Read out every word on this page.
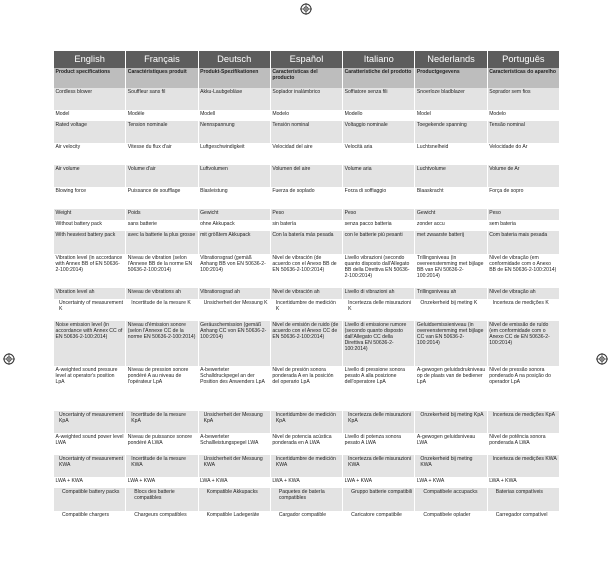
English	Français	Deutsch	Español	Italiano	Nederlands	Português
Product specifications	Caractéristiques produit	Produkt-Spezifikationen	Características del producto	Caratteristiche del prodotto	Productgegevens	Características do aparelho
Cordless blower	Souffleur sans fil	Akku-Laubgebläse	Soplador inalámbrico	Soffiatore senza fili	Snoerloze bladblazer	Soprador sem fios
Model	Modèle	Modell	Modelo	Modello	Model	Modelo
Rated voltage	Tension nominale	Nennspannung	Tensión nominal	Voltaggio nominale	Toegekende spanning	Tensão nominal
Air velocity	Vitesse du flux d'air	Luftgeschwindigkeit	Velocidad del aire	Velocità aria	Luchtsnelheid	Velocidade do Ar
Air volume	Volume d'air	Luftvolumen	Volumen del aire	Volume aria	Luchtvolume	Volume de Ar
Blowing force	Puissance de soufflage	Blasleistung	Fuerza de soplado	Forza di soffiaggio	Blaaskracht	Força de sopro
Weight	Poids	Gewicht	Peso	Peso	Gewicht	Peso
Without battery pack	sans batterie	ohne Akkupack	sin batería	senza pacco batteria	zonder accu	sem bateria
With heaviest battery pack	avec la batterie la plus grosse	mit größtem Akkupack	Con la batería más pesada	con le batterie più pesanti	met zwaarste batterij	Com bateria mais pesada
Vibration level (in accordance with Annex BB of EN 50636-2-100:2014)	Niveau de vibration (selon l'Annexe BB de la norme EN 50636-2-100:2014)	Vibrationsgrad (gemäß Anhang BB von EN 50636-2-100:2014)	Nivel de vibración (de acuerdo con el Anexo BB de EN 50636-2-100:2014)	Livello vibrazioni (secondo quanto disposto dall'Allegato BB della Direttiva EN 50636-2-100:2014)	Trillingsniveau (in overeenstemming met bijlage BB van EN 50636-2-100:2014)	Nível de vibração (em conformidade com o Anexo BB de EN 50636-2-100:2014)
Vibration level ah	Niveau de vibrations ah	Vibrationsgrad ah	Nivel de vibración ah	Livello di vibrazioni ah	Trillingsniveau ah	Nível de vibração ah
Uncertainty of measurement K	Incertitude de la mesure K	Unsicherheit der Messung K	Incertidumbre de medición K	Incertezza delle misurazioni K	Onzekerheid bij meting K	Incerteza de medições K
Noise emission level (in accordance with Annex CC of EN 50636-2-100:2014)	Niveau d'émission sonore (selon l'Annexe CC de la norme EN 50636-2-100:2014)	Geräuschemission (gemäß Anhang CC von EN 50636-2-100:2014)	Nivel de emisión de ruido (de acuerdo con el Anexo CC de EN 50636-2-100:2014)	Livello di emissione rumore (secondo quanto disposto dall'Allegato CC della Direttiva EN 50636-2-100:2014)	Geluidsemissieniveau (in overeenstemming met bijlage CC van EN 50636-2-100:2014)	Nível de emissão de ruído (em conformidade com o Anexo CC de EN 50636-2-100:2014)
A-weighted sound pressure level at operator's position LpA	Niveau de pression sonore pondéré A au niveau de l'opérateur LpA	A-bewerteter Schalldruckpegel an der Position des Anwenders LpA	Nivel de presión sonora ponderada A en la posición del operario LpA	Livello di pressione sonora pesato A alla posizione dell'operatore LpA	A-gewogen geluidsdrukniveau op de plaats van de bediener LpA	Nível de pressão sonora ponderado A na posição do operador LpA
Uncertainty of measurement KpA	Incertitude de la mesure KpA	Unsicherheit der Messung KpA	Incertidumbre de medición KpA	Incertezza delle misurazioni KpA	Onzekerheid bij meting KpA	Incerteza de medições KpA
A-weighted sound power level LWA	Niveau de puissance sonore pondéré A LWA	A-bewerteter Schallleistungspegel LWA	Nivel de potencia acústica ponderada en A LWA	Livello di potenza sonora pesato A LWA	A-gewogen geluidsniveau LWA	Nível de potência sonora ponderada A LWA
Uncertainty of measurement KWA	Incertitude de la mesure KWA	Unsicherheit der Messung KWA	Incertidumbre de medición KWA	Incertezza delle misurazioni KWA	Onzekerheid bij meting KWA	Incerteza de medições KWA
LWA + KWA	LWA + KWA	LWA + KWA	LWA + KWA	LWA + KWA	LWA + KWA	LWA + KWA
Compatible battery packs	Blocs des batterie compatibles	Kompatible Akkupacks	Paquetes de batería compatibles	Gruppo batterie compatibili	Compatibele accupacks	Baterias compatíveis
Compatible chargers	Chargeurs compatibles	Kompatible Ladegeräte	Cargador compatible	Caricatore compatibile	Compatibele oplader	Carregador compatível
